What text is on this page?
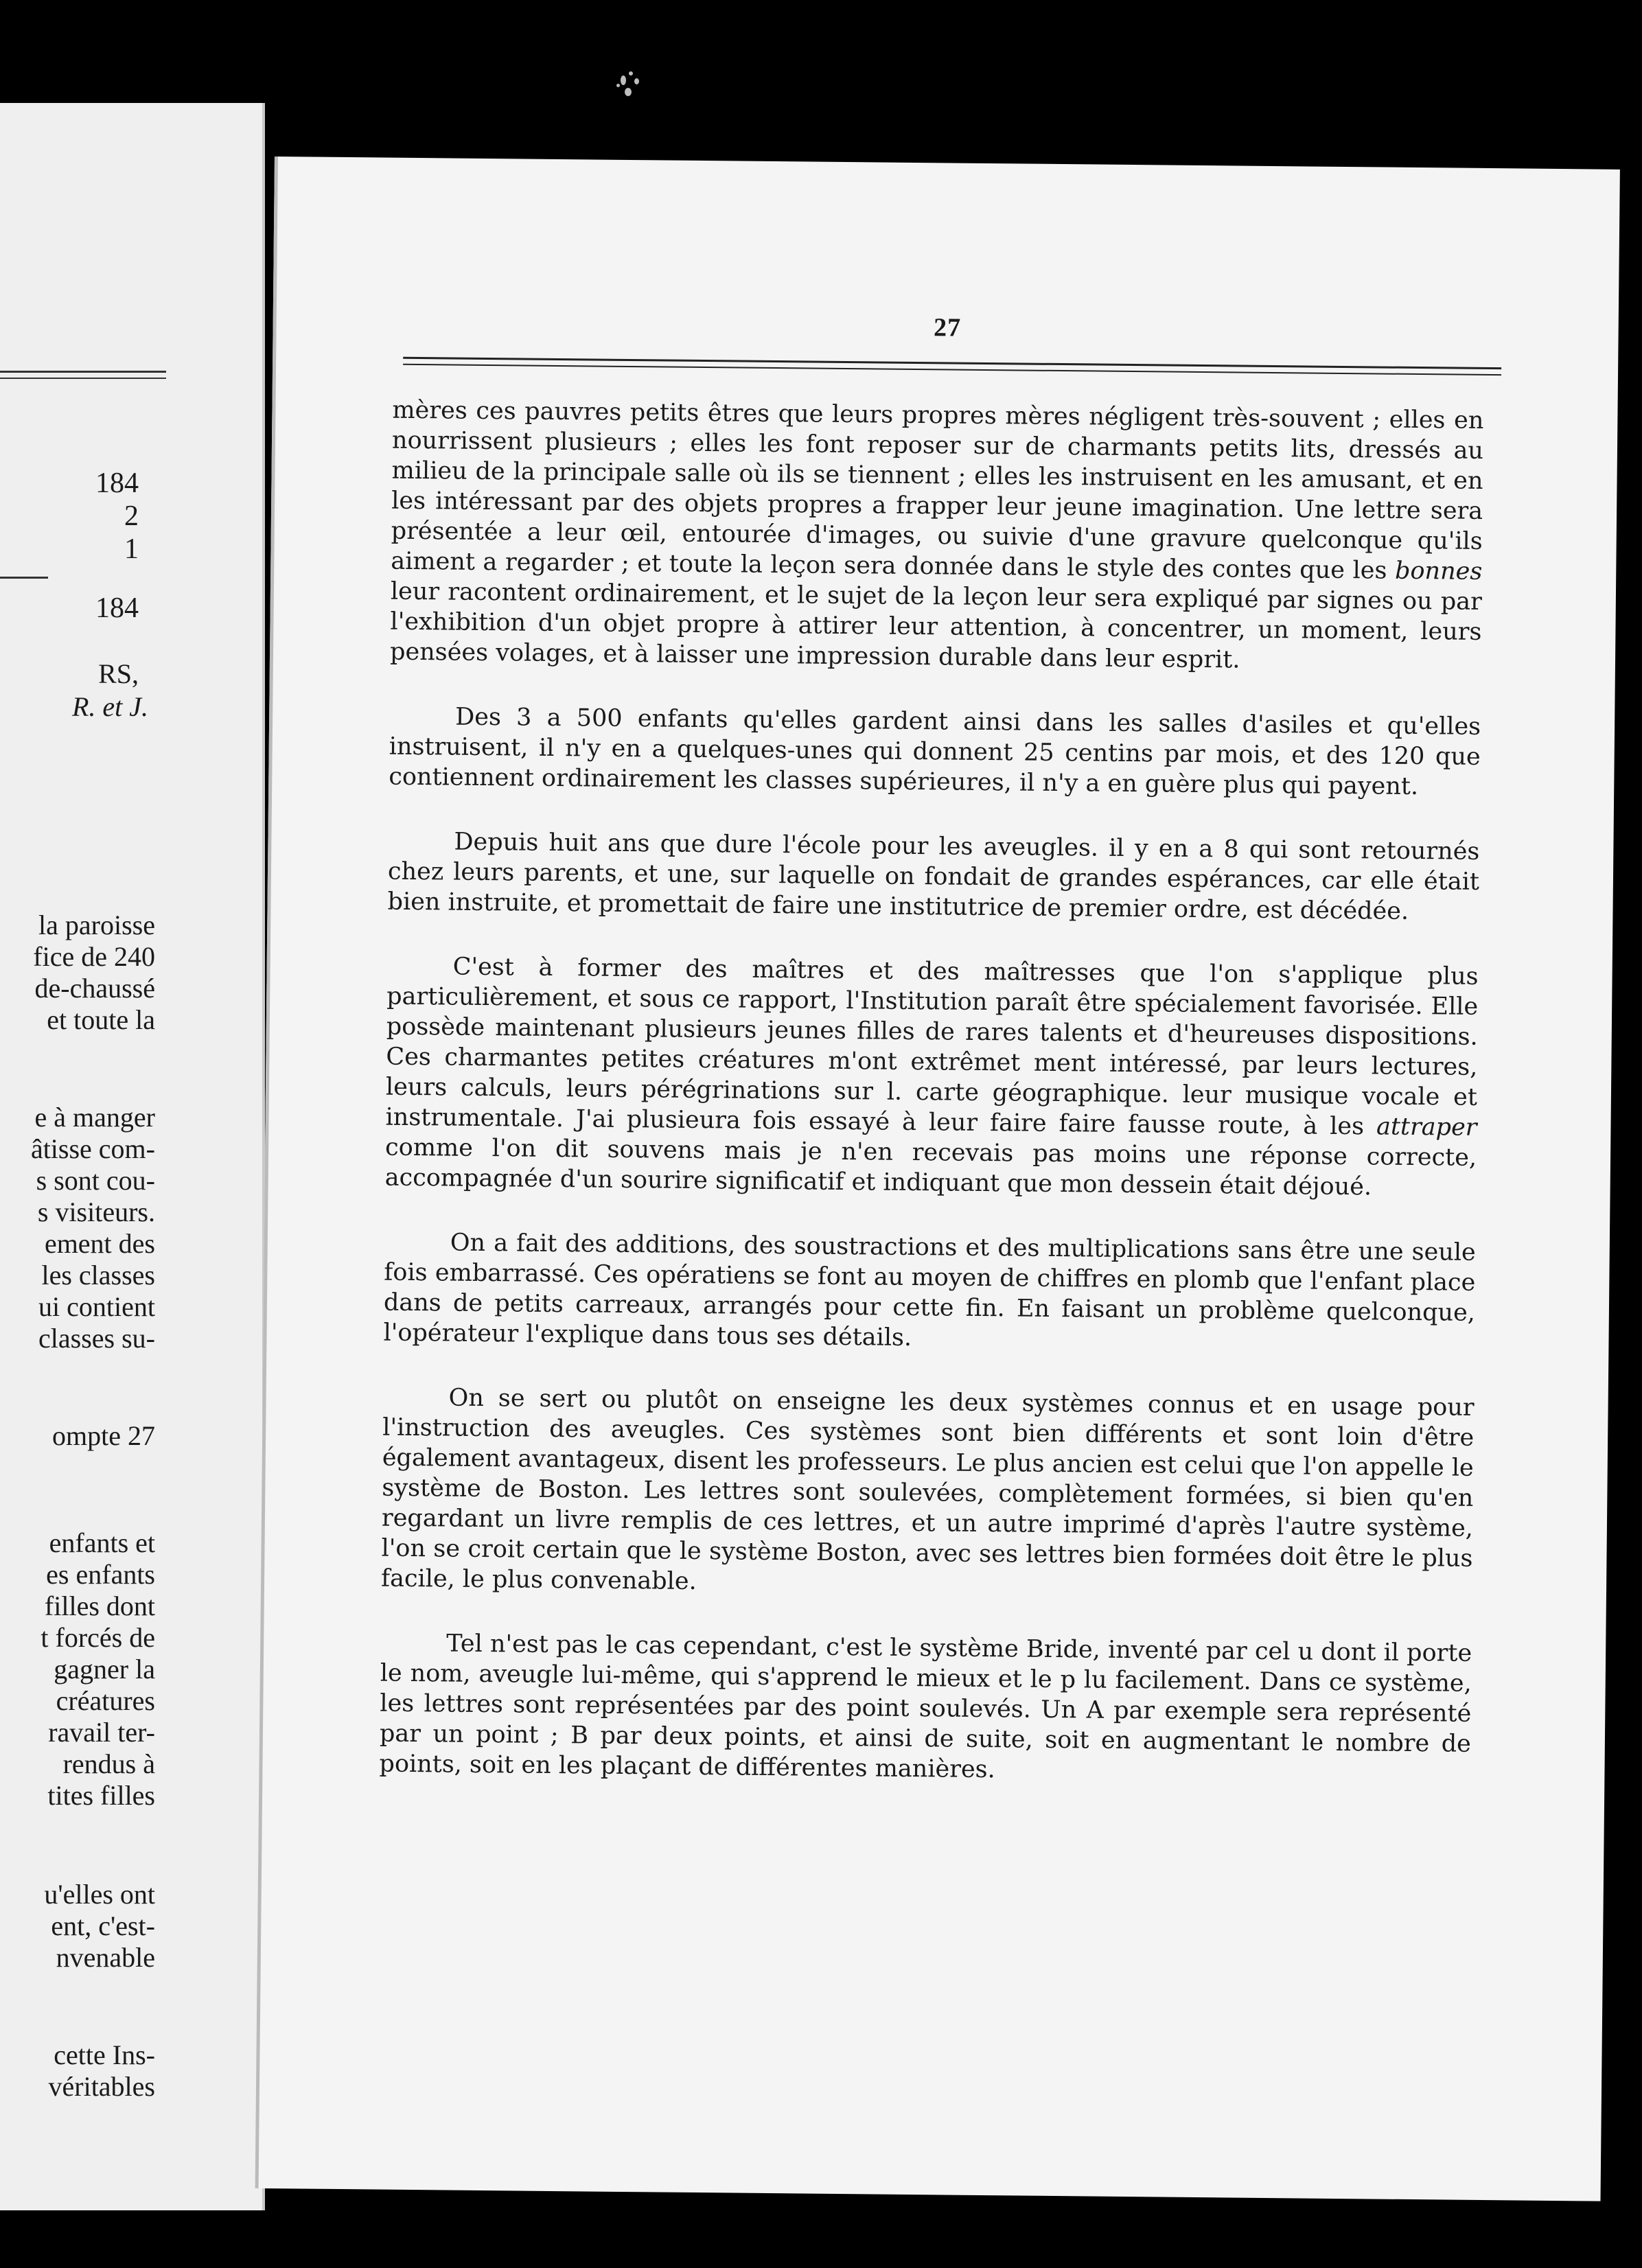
184
2
1
184
RS,
R. et J.
la paroisse
fice de 240
de-chaussé
et toute la
e à manger
âtisse com-
s sont cou-
s visiteurs.
ement des
les classes
ui contient
classes su-
ompte 27
enfants et
es enfants
filles dont
t forcés de
gagner la
créatures
ravail ter-
rendus à
tites filles
u'elles ont
ent, c'est-
nvenable
cette Ins-
véritables
27

mères ces pauvres petits êtres que leurs propres mères négligent très-souvent ; elles en nourrissent plusieurs ; elles les font reposer sur de charmants petits lits, dressés au milieu de la principale salle où ils se tiennent ; elles les instruisent en les amusant, et en les intéressant par des objets propres a frapper leur jeune imagination. Une lettre sera présentée a leur œil, entourée d'images, ou suivie d'une gravure quelconque qu'ils aiment a regarder ; et toute la leçon sera donnée dans le style des contes que les bonnes leur racontent ordinairement, et le sujet de la leçon leur sera expliqué par signes ou par l'exhibition d'un objet propre à attirer leur attention, à concentrer, un moment, leurs pensées volages, et à laisser une impression durable dans leur esprit.

Des 3 a 500 enfants qu'elles gardent ainsi dans les salles d'asiles et qu'elles instruisent, il n'y en a quelques-unes qui donnent 25 centins par mois, et des 120 que contiennent ordinairement les classes supérieures, il n'y a en guère plus qui payent.

Depuis huit ans que dure l'école pour les aveugles. il y en a 8 qui sont retournés chez leurs parents, et une, sur laquelle on fondait de grandes espérances, car elle était bien instruite, et promettait de faire une institutrice de premier ordre, est décédée.

C'est à former des maîtres et des maîtresses que l'on s'applique plus particulièrement, et sous ce rapport, l'Institution paraît être spécialement favorisée. Elle possède maintenant plusieurs jeunes filles de rares talents et d'heureuses dispositions. Ces charmantes petites créatures m'ont extrêmet ment intéressé, par leurs lectures, leurs calculs, leurs pérégrinations sur l. carte géographique. leur musique vocale et instrumentale. J'ai plusieura fois essayé à leur faire faire fausse route, à les attraper comme l'on dit souvens mais je n'en recevais pas moins une réponse correcte, accompagnée d'un sourire significatif et indiquant que mon dessein était déjoué.

On a fait des additions, des soustractions et des multiplications sans être une seule fois embarrassé. Ces opératiens se font au moyen de chiffres en plomb que l'enfant place dans de petits carreaux, arrangés pour cette fin. En faisant un problème quelconque, l'opérateur l'explique dans tous ses détails.

On se sert ou plutôt on enseigne les deux systèmes connus et en usage pour l'instruction des aveugles. Ces systèmes sont bien différents et sont loin d'être également avantageux, disent les professeurs. Le plus ancien est celui que l'on appelle le système de Boston. Les lettres sont soulevées, complètement formées, si bien qu'en regardant un livre remplis de ces lettres, et un autre imprimé d'après l'autre système, l'on se croit certain que le système Boston, avec ses lettres bien formées doit être le plus facile, le plus convenable.

Tel n'est pas le cas cependant, c'est le système Bride, inventé par cel u dont il porte le nom, aveugle lui-même, qui s'apprend le mieux et le p lu facilement. Dans ce système, les lettres sont représentées par des point soulevés. Un A par exemple sera représenté par un point ; B par deux points, et ainsi de suite, soit en augmentant le nombre de points, soit en les plaçant de différentes manières.
